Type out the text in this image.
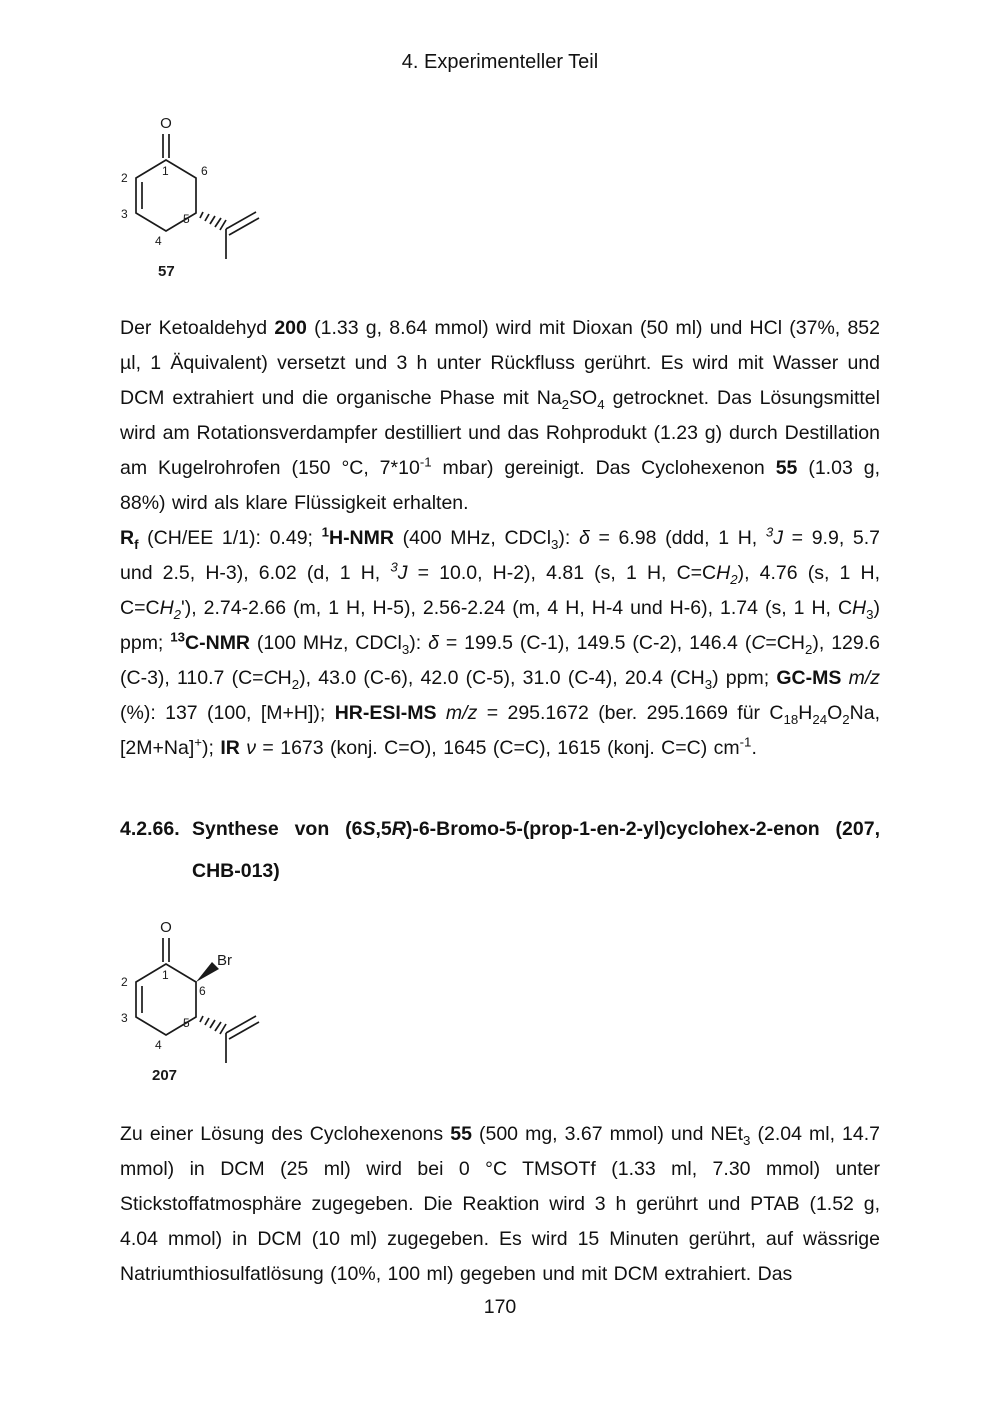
4. Experimenteller Teil
O
2	1	6
3	5
4
57

Der Ketoaldehyd 200 (1.33 g, 8.64 mmol) wird mit Dioxan (50 ml) und HCl (37%, 852 µl, 1 Äquivalent) versetzt und 3 h unter Rückfluss gerührt. Es wird mit Wasser und DCM extrahiert und die organische Phase mit $Na_2SO_4$ getrocknet. Das Lösungsmittel wird am Rotationsverdampfer destilliert und das Rohprodukt (1.23 g) durch Destillation am Kugelrohrofen (150 °C, $7*10^{-1}$ mbar) gereinigt. Das Cyclohexenon 55 (1.03 g, 88%) wird als klare Flüssigkeit erhalten.

$R_f$ (CH/EE 1/1): 0.49; $^1$H-NMR (400 MHz, CDCl$_3$): δ = 6.98 (ddd, 1 H, $^3$J = 9.9, 5.7 und 2.5, H-3), 6.02 (d, 1 H, $^3$J = 10.0, H-2), 4.81 (s, 1 H, $C=CH_2$), 4.76 (s, 1 H, $C=CH_2'$), 2.74-2.66 (m, 1 H, H-5), 2.56-2.24 (m, 4 H, H-4 und H-6), 1.74 (s, 1 H, $CH_3$) ppm; $^{13}$C-NMR (100 MHz, CDCl$_3$): δ = 199.5 (C-1), 149.5 (C-2), 146.4 $(C=CH_2)$, 129.6 (C-3), 110.7 $(C=CH_2)$, 43.0 (C-6), 42.0 (C-5), 31.0 (C-4), 20.4 $(CH_3)$ ppm; GC-MS m/z (%): 137 (100, [M+H]); HR-ESI-MS m/z = 295.1672 (ber. 295.1669 für $C_{18}H_{24}O_2Na$, [2M+Na]+); IR ν = 1673 (konj. C=O), 1645 (C=C), 1615 (konj. C=C) $cm^{-1}$.

4.2.66. Synthese von (6S,5R)-6-Bromo-5-(prop-1-en-2-yl)cyclohex-2-enon (207, CHB-013)
O
Br
2	1
6
3	5
4
207

Zu einer Lösung des Cyclohexenons 55 (500 mg, 3.67 mmol) und NEt$_3$ (2.04 ml, 14.7 mmol) in DCM (25 ml) wird bei 0 °C TMSOTf (1.33 ml, 7.30 mmol) unter Stickstoffatmosphäre zugegeben. Die Reaktion wird 3 h gerührt und PTAB (1.52 g, 4.04 mmol) in DCM (10 ml) zugegeben. Es wird 15 Minuten gerührt, auf wässrige Natriumthiosulfatlösung (10%, 100 ml) gegeben und mit DCM extrahiert. Das

170
